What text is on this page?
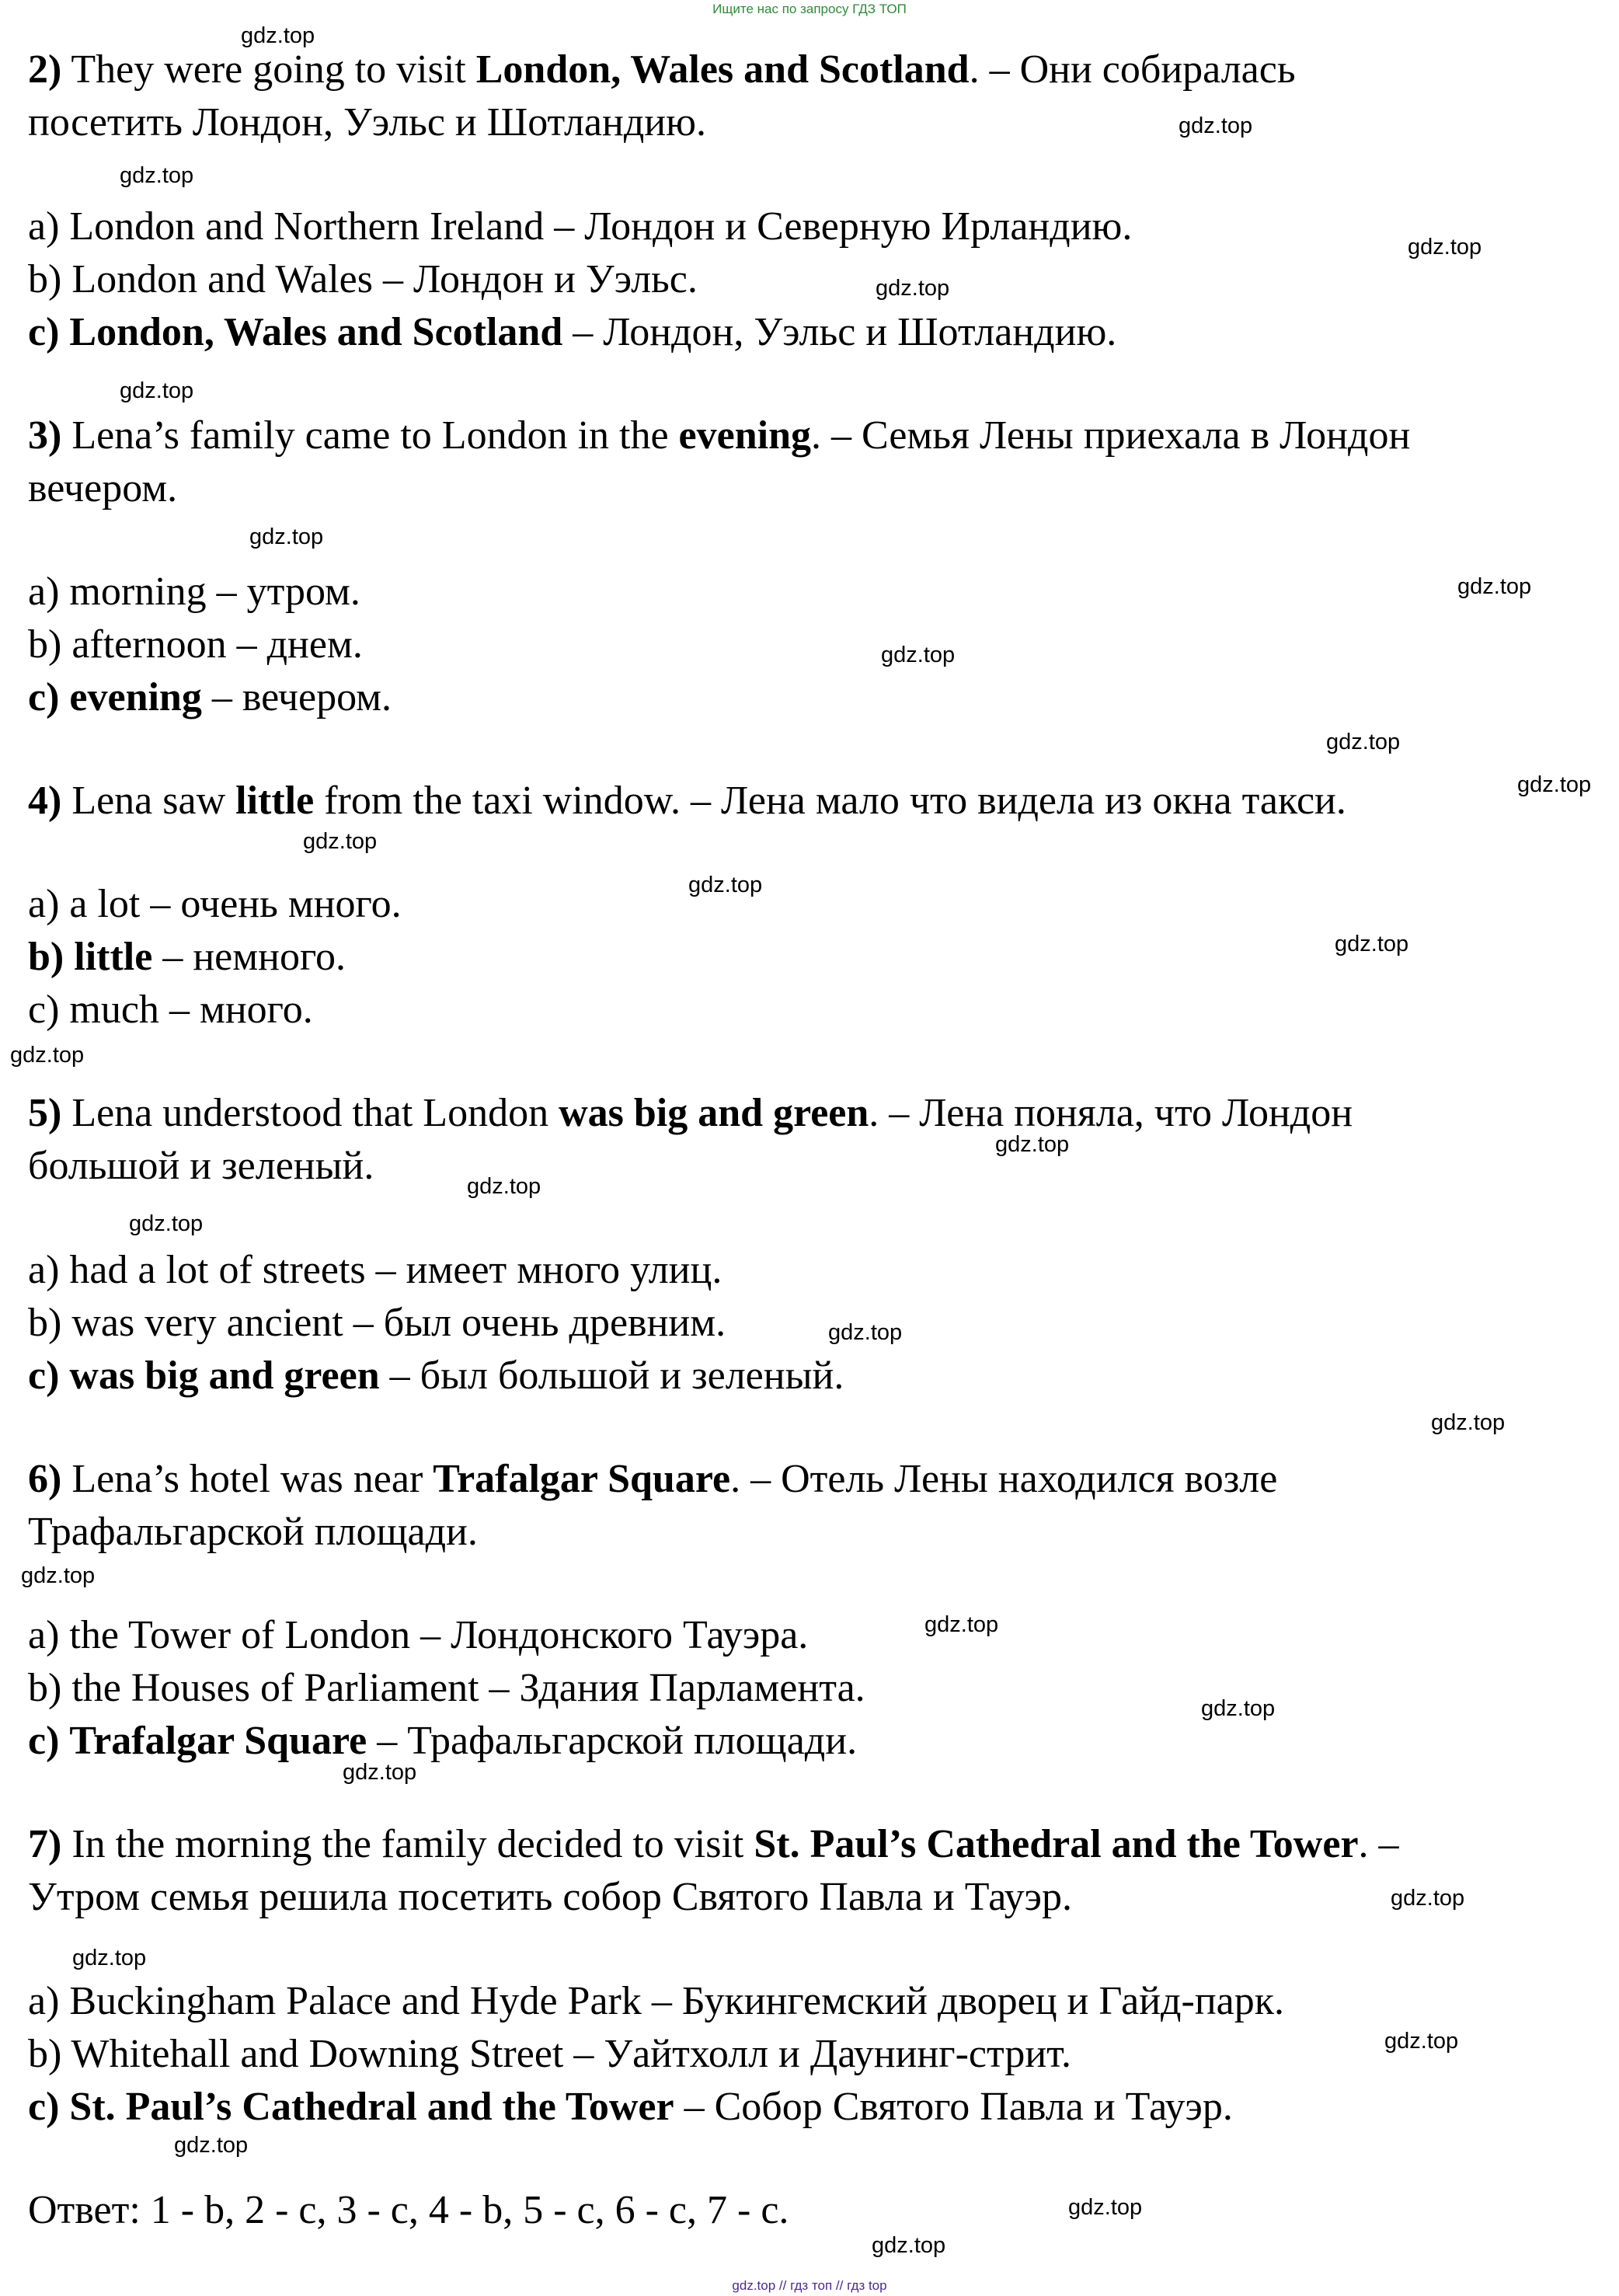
Ищите нас по запросу ГДЗ ТОП

2) They were going to visit London, Wales and Scotland. – Они собиралась

посетить Лондон, Уэльс и Шотландию.

a) London and Northern Ireland – Лондон и Северную Ирландию.

b) London and Wales – Лондон и Уэльс.

c) London, Wales and Scotland – Лондон, Уэльс и Шотландию.

3) Lena’s family came to London in the evening. – Семья Лены приехала в Лондон

вечером.

a) morning – утром.

b) afternoon – днем.

c) evening – вечером.

4) Lena saw little from the taxi window. – Лена мало что видела из окна такси.

a) a lot – очень много.

b) little – немного.

c) much – много.

5) Lena understood that London was big and green. – Лена поняла, что Лондон

большой и зеленый.

a) had a lot of streets – имеет много улиц.

b) was very ancient – был очень древним.

c) was big and green – был большой и зеленый.

6) Lena’s hotel was near Trafalgar Square. – Отель Лены находился возле

Трафальгарской площади.

a) the Tower of London – Лондонского Тауэра.

b) the Houses of Parliament – Здания Парламента.

c) Trafalgar Square – Трафальгарской площади.

7) In the morning the family decided to visit St. Paul’s Cathedral and the Tower. –

Утром семья решила посетить собор Святого Павла и Тауэр.

a) Buckingham Palace and Hyde Park – Букингемский дворец и Гайд-парк.

b) Whitehall and Downing Street – Уайтхолл и Даунинг-стрит.

c) St. Paul’s Cathedral and the Tower – Собор Святого Павла и Тауэр.

Ответ: 1 - b, 2 - c, 3 - c, 4 - b, 5 - c, 6 - c, 7 - c.

gdz.top
gdz.top
gdz.top
gdz.top
gdz.top
gdz.top
gdz.top
gdz.top
gdz.top
gdz.top
gdz.top
gdz.top
gdz.top
gdz.top
gdz.top
gdz.top
gdz.top
gdz.top
gdz.top
gdz.top
gdz.top
gdz.top
gdz.top
gdz.top
gdz.top
gdz.top
gdz.top
gdz.top
gdz.top
gdz.top
gdz.top // гдз топ // гдз top
